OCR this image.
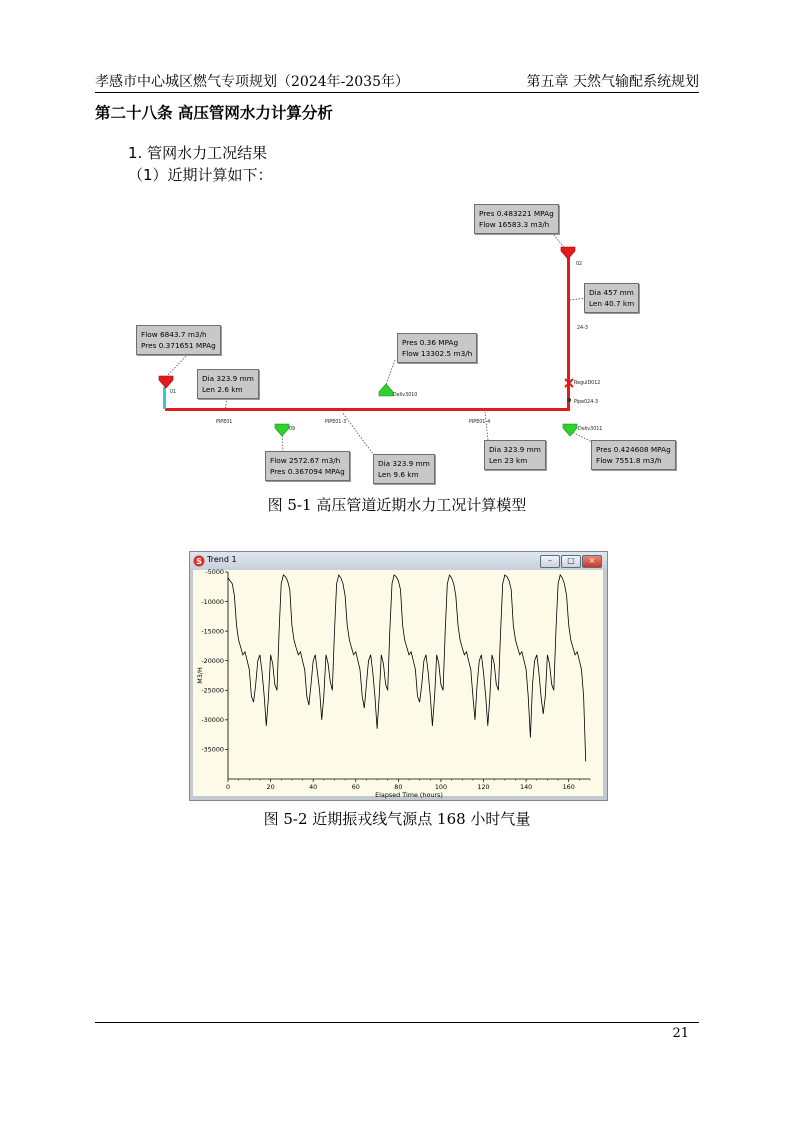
孝感市中心城区燃气专项规划（2024年-2035年）	第五章 天然气输配系统规划
第二十八条 高压管网水力计算分析
1. 管网水力工况结果
（1）近期计算如下：
02
24-3
RegulD012
Pipe024-3
01
Deliv3010
PIPE01	PIPE01-3
09
PIPE01-4
Deliv3011
Pres 0.483221 MPAg
Flow 16583.3 m3/h
Dia 457 mm
Len 40.7 km
Flow 6843.7 m3/h
Pres 0.371651 MPAg	Pres 0.36 MPAg
Flow 13302.5 m3/h
Dia 323.9 mm
Len 2.6 km
Flow 2572.67 m3/h
Pres 0.367094 MPAg
Dia 323.9 mm
Len 9.6 km
Dia 323.9 mm
Len 23 km
Pres 0.424608 MPAg
Flow 7551.8 m3/h
图 5-1 高压管道近期水力工况计算模型
S Trend 1	–	□	×
-5000
-10000
-15000
-20000
-25000
-30000
-35000
0	20	40	60	80	100	120	140	160
Elapsed Time (hours)
M3/H
图 5-2 近期振戎线气源点 168 小时气量
21
